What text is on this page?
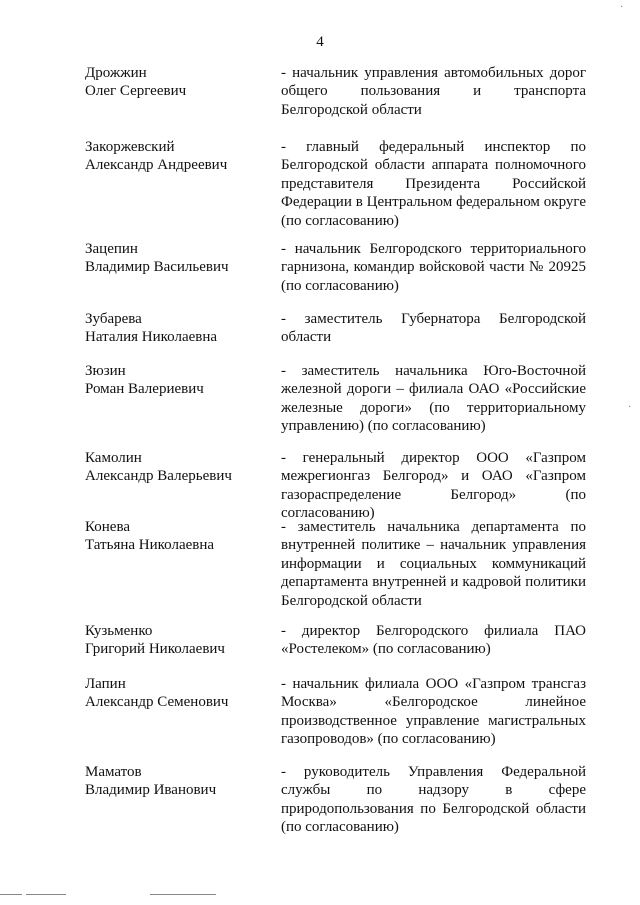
4
Дрожжин
Олег Сергеевич
- начальник управления автомобильных дорог общего пользования и транспорта Белгородской области
Закоржевский
Александр Андреевич
- главный федеральный инспектор по Белгородской области аппарата полномочного представителя Президента Российской Федерации в Центральном федеральном округе (по согласованию)
Зацепин
Владимир Васильевич
- начальник Белгородского территориального гарнизона, командир войсковой части № 20925 (по согласованию)
Зубарева
Наталия Николаевна
- заместитель Губернатора Белгородской области
Зюзин
Роман Валериевич
- заместитель начальника Юго-Восточной железной дороги – филиала ОАО «Российские железные дороги» (по территориальному управлению) (по согласованию)
Камолин
Александр Валерьевич
- генеральный директор ООО «Газпром межрегионгаз Белгород» и ОАО «Газпром газораспределение Белгород» (по согласованию)
Конева
Татьяна Николаевна
- заместитель начальника департамента по внутренней политике – начальник управления информации и социальных коммуникаций департамента внутренней и кадровой политики Белгородской области
Кузьменко
Григорий Николаевич
- директор Белгородского филиала ПАО «Ростелеком» (по согласованию)
Лапин
Александр Семенович
- начальник филиала ООО «Газпром трансгаз Москва» «Белгородское линейное производственное управление магистральных газопроводов» (по согласованию)
Маматов
Владимир Иванович
- руководитель Управления Федеральной службы по надзору в сфере природопользования по Белгородской области (по согласованию)
·
·
